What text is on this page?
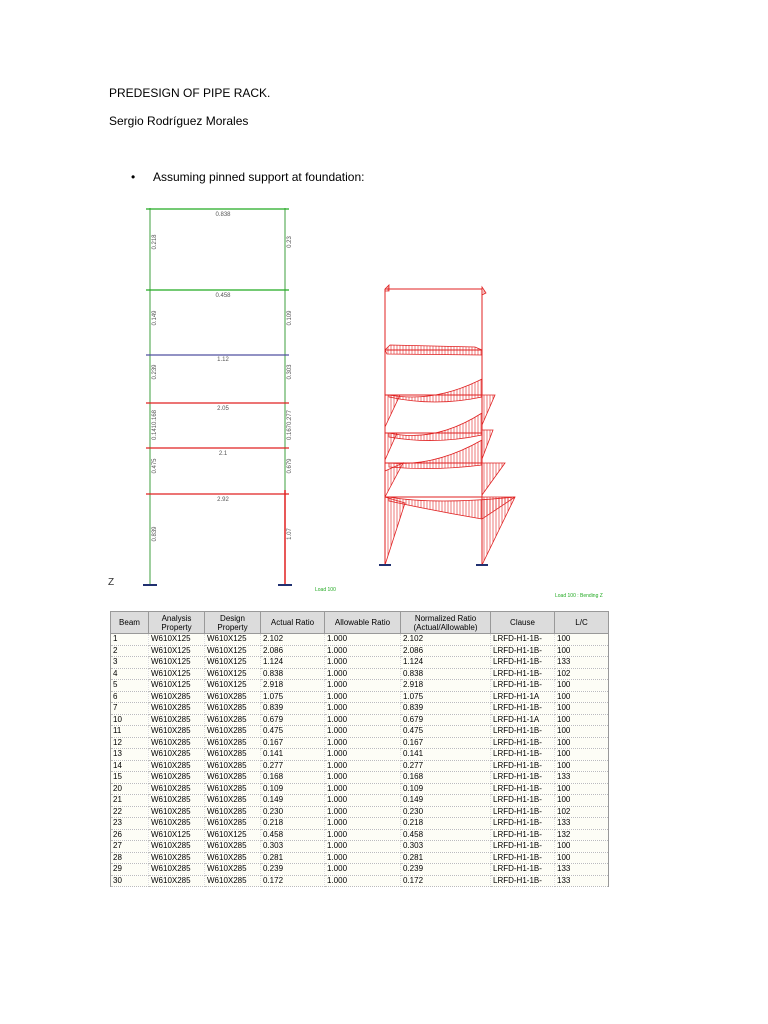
PREDESIGN OF PIPE RACK.
Sergio Rodríguez Morales
• Assuming pinned support at foundation:
0.838
0.458
1.12
2.05
2.1
2.92
0.218
0.149
0.239
0.1410.168
0.475
0.839
0.23
0.109
0.303
0.1670.277
0.679
1.07
Load 100
Z
Load 100 : Bending Z
Beam	Analysis Property	Design Property	Actual Ratio	Allowable Ratio	Normalized Ratio (Actual/Allowable)	Clause	L/C
1	W610X125	W610X125	2.102	1.000	2.102	LRFD-H1-1B-	100
2	W610X125	W610X125	2.086	1.000	2.086	LRFD-H1-1B-	100
3	W610X125	W610X125	1.124	1.000	1.124	LRFD-H1-1B-	133
4	W610X125	W610X125	0.838	1.000	0.838	LRFD-H1-1B-	102
5	W610X125	W610X125	2.918	1.000	2.918	LRFD-H1-1B-	100
6	W610X285	W610X285	1.075	1.000	1.075	LRFD-H1-1A	100
7	W610X285	W610X285	0.839	1.000	0.839	LRFD-H1-1B-	100
10	W610X285	W610X285	0.679	1.000	0.679	LRFD-H1-1A	100
11	W610X285	W610X285	0.475	1.000	0.475	LRFD-H1-1B-	100
12	W610X285	W610X285	0.167	1.000	0.167	LRFD-H1-1B-	100
13	W610X285	W610X285	0.141	1.000	0.141	LRFD-H1-1B-	100
14	W610X285	W610X285	0.277	1.000	0.277	LRFD-H1-1B-	100
15	W610X285	W610X285	0.168	1.000	0.168	LRFD-H1-1B-	133
20	W610X285	W610X285	0.109	1.000	0.109	LRFD-H1-1B-	100
21	W610X285	W610X285	0.149	1.000	0.149	LRFD-H1-1B-	100
22	W610X285	W610X285	0.230	1.000	0.230	LRFD-H1-1B-	102
23	W610X285	W610X285	0.218	1.000	0.218	LRFD-H1-1B-	133
26	W610X125	W610X125	0.458	1.000	0.458	LRFD-H1-1B-	132
27	W610X285	W610X285	0.303	1.000	0.303	LRFD-H1-1B-	100
28	W610X285	W610X285	0.281	1.000	0.281	LRFD-H1-1B-	100
29	W610X285	W610X285	0.239	1.000	0.239	LRFD-H1-1B-	133
30	W610X285	W610X285	0.172	1.000	0.172	LRFD-H1-1B-	133
